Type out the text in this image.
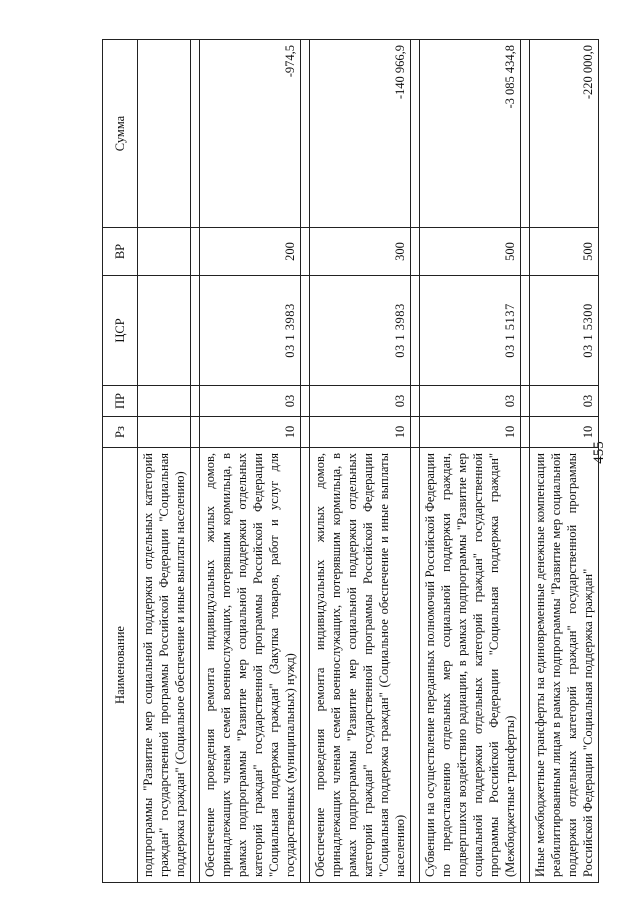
455
Наименование	Рз	ПР	ЦСР	ВР	Сумма
подпрограммы "Развитие мер социальной поддержки отдельных категорий граждан" государственной программы Российской Федерации "Социальная поддержка граждан" (Социальное обеспечение и иные выплаты населению)					

Обеспечение проведения ремонта индивидуальных жилых домов, принадлежащих членам семей военнослужащих, потерявшим кормильца, в рамках подпрограммы "Развитие мер социальной поддержки отдельных категорий граждан" государственной программы Российской Федерации "Социальная поддержка граждан" (Закупка товаров, работ и услуг для государственных (муниципальных) нужд)	10	03	03 1 3983	200	-974,5

Обеспечение проведения ремонта индивидуальных жилых домов, принадлежащих членам семей военнослужащих, потерявшим кормильца, в рамках подпрограммы "Развитие мер социальной поддержки отдельных категорий граждан" государственной программы Российской Федерации "Социальная поддержка граждан" (Социальное обеспечение и иные выплаты населению)	10	03	03 1 3983	300	-140 966,9

Субвенции на осуществление переданных полномочий Российской Федерации по предоставлению отдельных мер социальной поддержки граждан, подвергшихся воздействию радиации, в рамках подпрограммы "Развитие мер социальной поддержки отдельных категорий граждан" государственной программы Российской Федерации "Социальная поддержка граждан" (Межбюджетные трансферты)	10	03	03 1 5137	500	-3 085 434,8

Иные межбюджетные трансферты на единовременные денежные компенсации реабилитированным лицам в рамках подпрограммы "Развитие мер социальной поддержки отдельных категорий граждан" государственной программы Российской Федерации "Социальная поддержка граждан"	10	03	03 1 5300	500	-220 000,0
